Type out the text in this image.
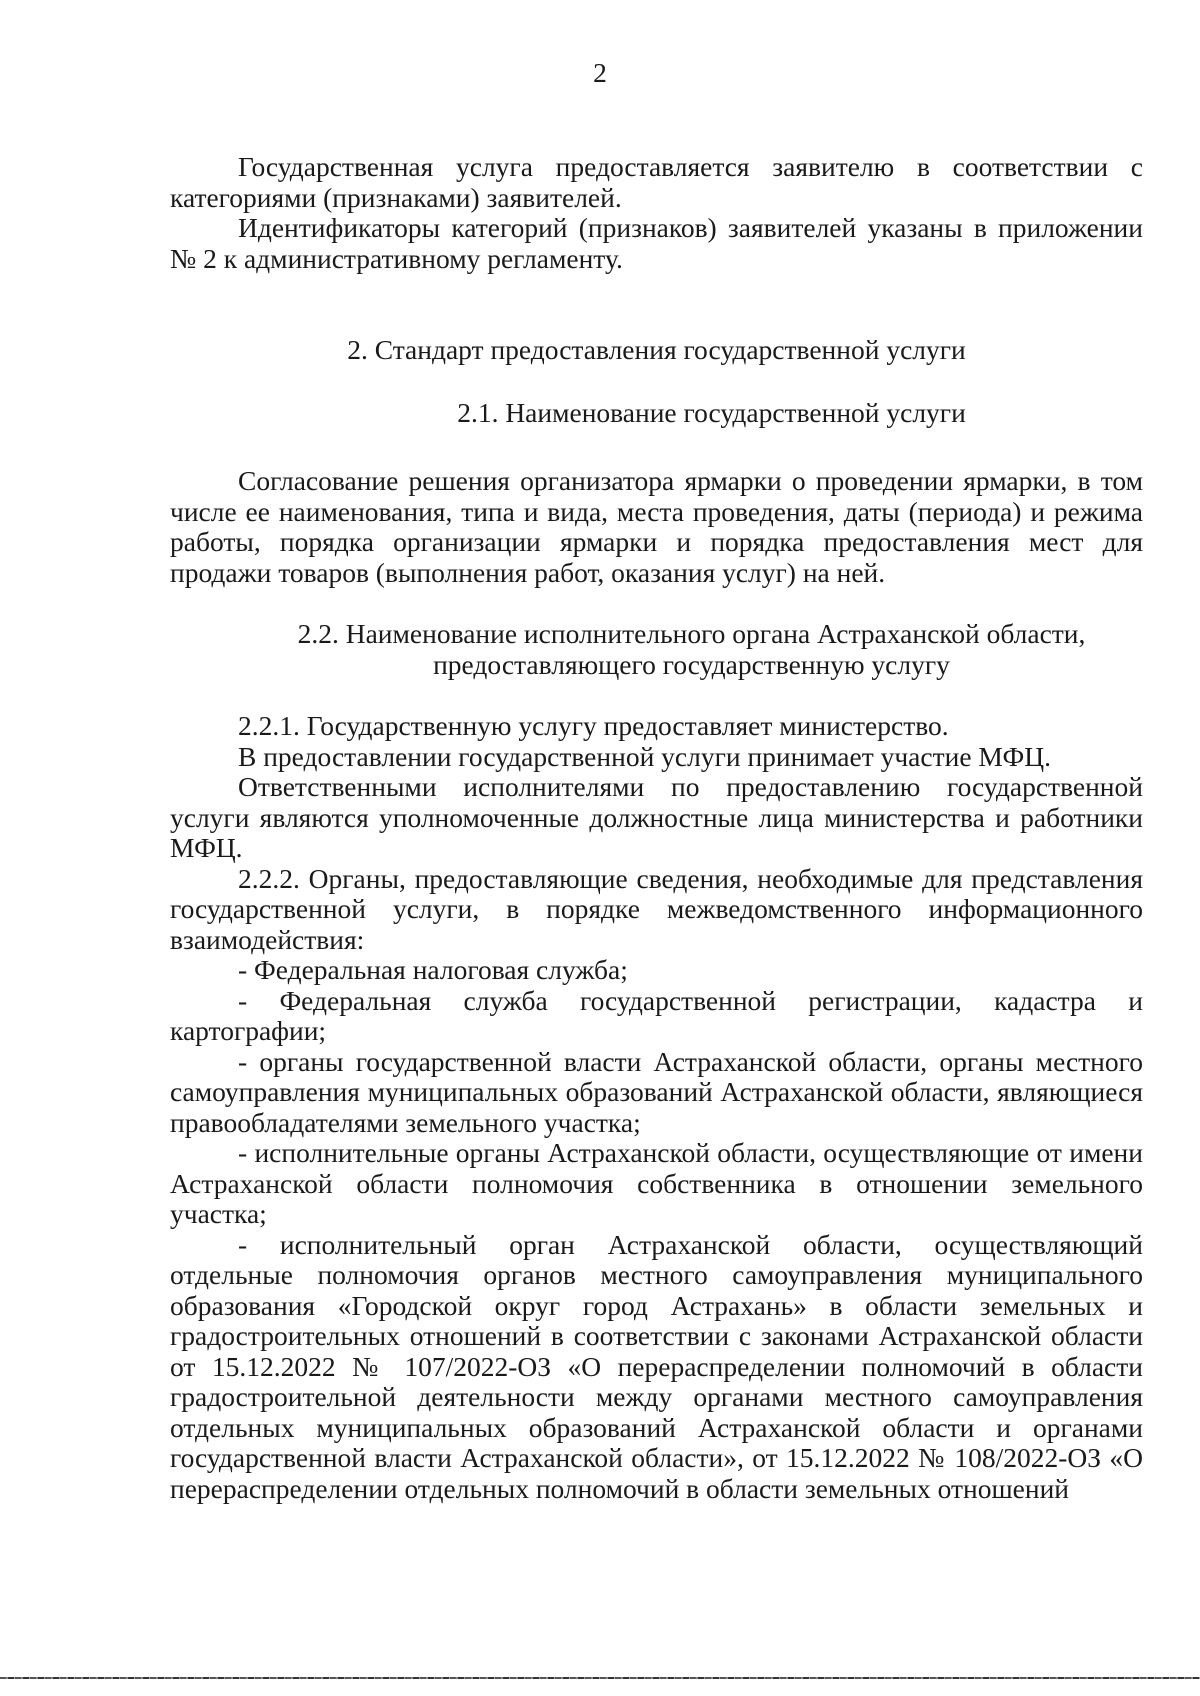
2

Государственная услуга предоставляется заявителю в соответствии с категориями (признаками) заявителей.

Идентификаторы категорий (признаков) заявителей указаны в приложении № 2 к административному регламенту.

2. Стандарт предоставления государственной услуги

2.1. Наименование государственной услуги

Согласование решения организатора ярмарки о проведении ярмарки, в том числе ее наименования, типа и вида, места проведения, даты (периода) и режима работы, порядка организации ярмарки и порядка предоставления мест для продажи товаров (выполнения работ, оказания услуг) на ней.

2.2. Наименование исполнительного органа Астраханской области,
предоставляющего государственную услугу

2.2.1. Государственную услугу предоставляет министерство.

В предоставлении государственной услуги принимает участие МФЦ.

Ответственными исполнителями по предоставлению государственной услуги являются уполномоченные должностные лица министерства и работники МФЦ.

2.2.2. Органы, предоставляющие сведения, необходимые для представления государственной услуги, в порядке межведомственного информационного взаимодействия:

- Федеральная налоговая служба;

- Федеральная служба государственной регистрации, кадастра и картографии;

- органы государственной власти Астраханской области, органы местного самоуправления муниципальных образований Астраханской области, являющиеся правообладателями земельного участка;

- исполнительные органы Астраханской области, осуществляющие от имени Астраханской области полномочия собственника в отношении земельного участка;

- исполнительный орган Астраханской области, осуществляющий отдельные полномочия органов местного самоуправления муниципального образования «Городской округ город Астрахань» в области земельных и градостроительных отношений в соответствии с законами Астраханской области от 15.12.2022 № 107/2022-ОЗ «О перераспределении полномочий в области градостроительной деятельности между органами местного самоуправления отдельных муниципальных образований Астраханской области и органами государственной власти Астраханской области», от 15.12.2022 № 108/2022-ОЗ «О перераспределении отдельных полномочий в области земельных отношений
